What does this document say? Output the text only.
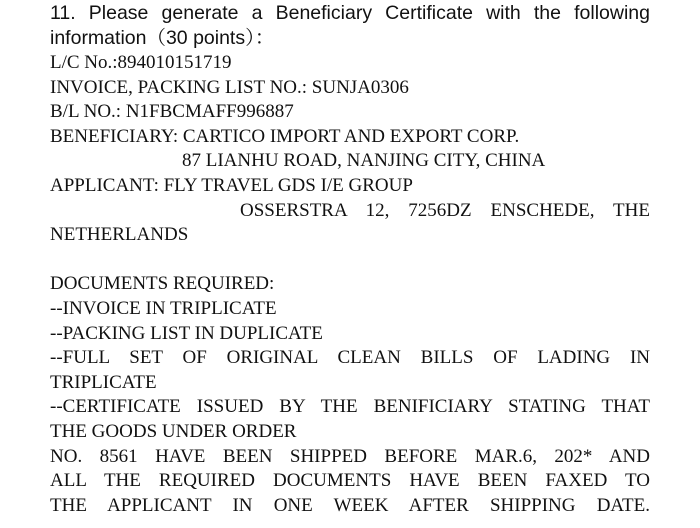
11. Please generate a Beneficiary Certificate with the following
information（30 points）：

L/C No.:894010151719

INVOICE, PACKING LIST NO.: SUNJA0306

B/L NO.: N1FBCMAFF996887

BENEFICIARY: CARTICO IMPORT AND EXPORT CORP.

87 LIANHU ROAD, NANJING CITY, CHINA

APPLICANT: FLY TRAVEL GDS I/E GROUP

OSSERSTRA 12, 7256DZ ENSCHEDE, THE

NETHERLANDS

DOCUMENTS REQUIRED:

--INVOICE IN TRIPLICATE

--PACKING LIST IN DUPLICATE

--FULL SET OF ORIGINAL CLEAN BILLS OF LADING IN

TRIPLICATE

--CERTIFICATE ISSUED BY THE BENIFICIARY STATING THAT

THE GOODS UNDER ORDER

NO. 8561 HAVE BEEN SHIPPED BEFORE MAR.6, 202* AND

ALL THE REQUIRED DOCUMENTS HAVE BEEN FAXED TO

THE APPLICANT IN ONE WEEK AFTER SHIPPING DATE.
